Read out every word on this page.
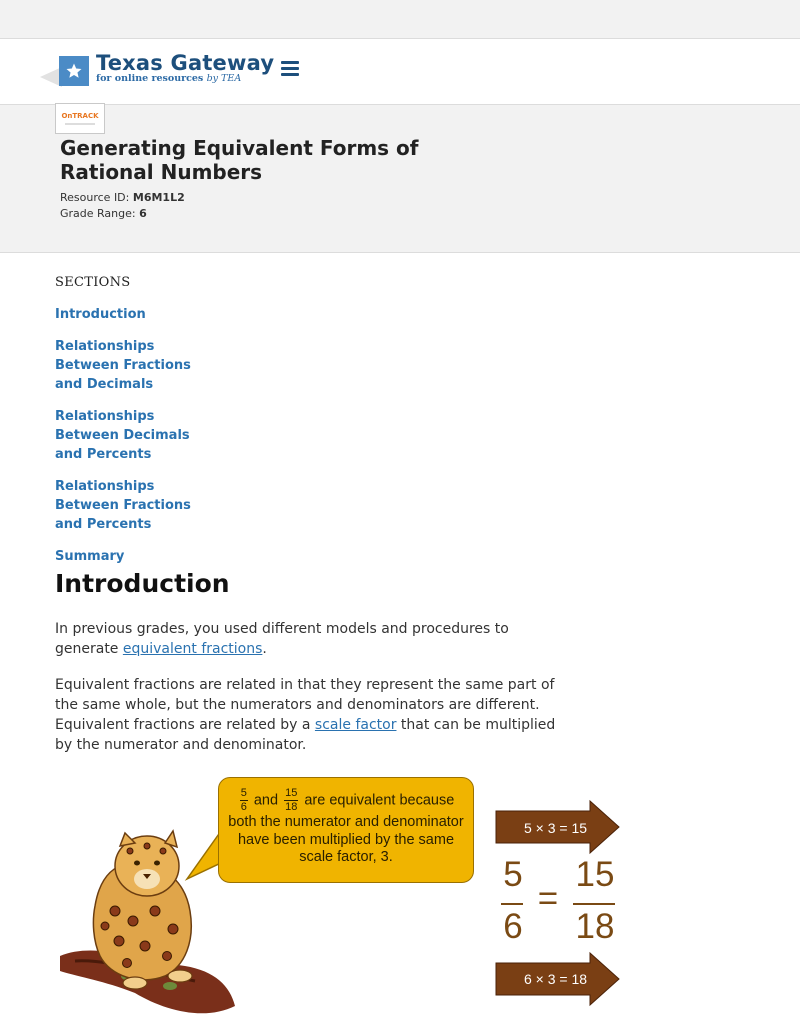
Texas Gateway
for online resources by TEA
OnTRACK
Generating Equivalent Forms of Rational Numbers
Resource ID: M6M1L2
Grade Range: 6
SECTIONS
Introduction
Relationships Between Fractions and Decimals
Relationships Between Decimals and Percents
Relationships Between Fractions and Percents
Summary
Introduction

In previous grades, you used different models and procedures to generate equivalent fractions.

Equivalent fractions are related in that they represent the same part of the same whole, but the numerators and denominators are different. Equivalent fractions are related by a scale factor that can be multiplied by the numerator and denominator.

$\frac{5}{6}$ and $\frac{15}{18}$ are equivalent because both the numerator and denominator have been multiplied by the same scale factor, 3.
5 × 3 = 15
6 × 3 = 18
5
6
=
15
18
